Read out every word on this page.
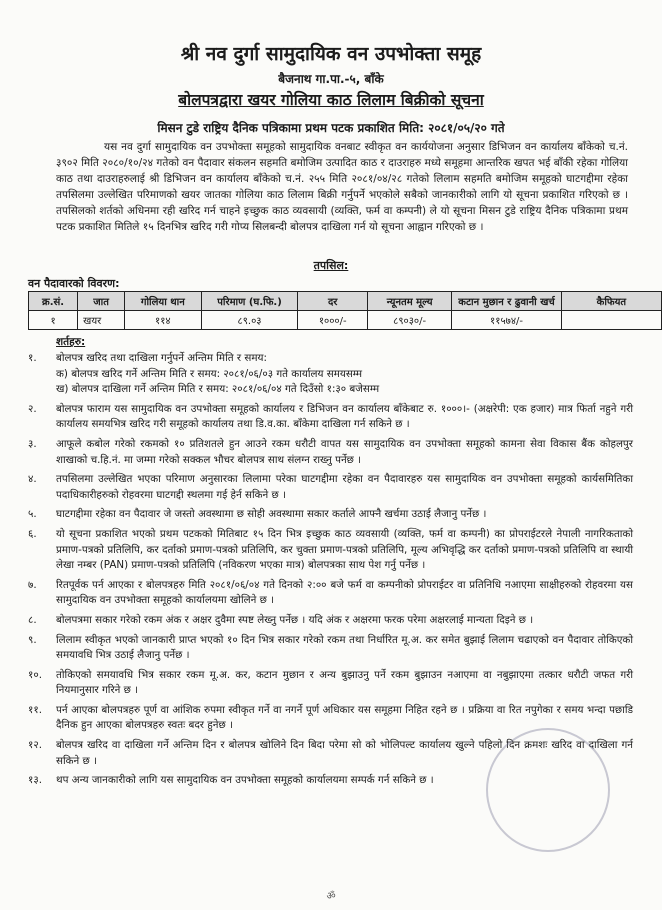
श्री नव दुर्गा सामुदायिक वन उपभोक्ता समूह
बैजनाथ गा.पा.-५, बाँके
बोलपत्रद्वारा खयर गोलिया काठ लिलाम बिक्रीको सूचना
मिसन टुडे राष्ट्रिय दैनिक पत्रिकामा प्रथम पटक प्रकाशित मिति: २०८१/०५/२० गते
यस नव दुर्गा सामुदायिक वन उपभोक्ता समूहको सामुदायिक वनबाट स्वीकृत वन कार्ययोजना अनुसार डिभिजन वन कार्यालय बाँकेको च.नं. ३९०२ मिति २०८०/१०/२४ गतेको वन पैदावार संकलन सहमति बमोजिम उत्पादित काठ र दाउराहरु मध्ये समूहमा आन्तरिक खपत भई बाँकी रहेका गोलिया काठ तथा दाउराहरुलाई श्री डिभिजन वन कार्यालय बाँकेको च.नं. २५५ मिति २०८१/०४/२८ गतेको लिलाम सहमति बमोजिम समूहको घाटगद्दीमा रहेका तपसिलमा उल्लेखित परिमाणको खयर जातका गोलिया काठ लिलाम बिक्री गर्नुपर्ने भएकोले सबैको जानकारीको लागि यो सूचना प्रकाशित गरिएको छ । तपसिलको शर्तको अधिनमा रही खरिद गर्न चाहने इच्छुक काठ व्यवसायी (व्यक्ति, फर्म वा कम्पनी) ले यो सूचना मिसन टुडे राष्ट्रिय दैनिक पत्रिकामा प्रथम पटक प्रकाशित मितिले १५ दिनभित्र खरिद गरी गोप्य सिलबन्दी बोलपत्र दाखिला गर्न यो सूचना आह्वान गरिएको छ ।
तपसिल:
वन पैदावारको विवरण:
क्र.सं.	जात	गोलिया थान	परिमाण (घ.फि.)	दर	न्यूनतम मूल्य	कटान मुछान र ढुवानी खर्च	कैफियत
१	खयर	११४	८९.०३	१०००/-	८९०३०/-	११५७४/-	
शर्तहरु:
१.	बोलपत्र खरिद तथा दाखिला गर्नुपर्ने अन्तिम मिति र समय:
क) बोलपत्र खरिद गर्ने अन्तिम मिति र समय: २०८१/०६/०३ गते कार्यालय समयसम्म
ख) बोलपत्र दाखिला गर्ने अन्तिम मिति र समय: २०८१/०६/०४ गते दिउँसो १:३० बजेसम्म
२.	बोलपत्र फाराम यस सामुदायिक वन उपभोक्ता समूहको कार्यालय र डिभिजन वन कार्यालय बाँकेबाट रु. १०००।- (अक्षरेपी: एक हजार) मात्र फिर्ता नहुने गरी कार्यालय समयभित्र खरिद गरी समूहको कार्यालय तथा डि.व.का. बाँकेमा दाखिला गर्न सकिने छ ।
३.	आफूले कबोल गरेको रकमको १० प्रतिशतले हुन आउने रकम धरौटी वापत यस सामुदायिक वन उपभोक्ता समूहको कामना सेवा विकास बैंक कोहलपुर शाखाको च.हि.नं. मा जम्मा गरेको सक्कल भौचर बोलपत्र साथ संलग्न राख्नु पर्नेछ ।
४.	तपसिलमा उल्लेखित भएका परिमाण अनुसारका लिलामा परेका घाटगद्दीमा रहेका वन पैदावारहरु यस सामुदायिक वन उपभोक्ता समूहको कार्यसमितिका पदाधिकारीहरुको रोहवरमा घाटगद्दी स्थलमा गई हेर्न सकिने छ ।
५.	घाटगद्दीमा रहेका वन पैदावार जे जस्तो अवस्थामा छ सोही अवस्थामा सकार कर्ताले आफ्नै खर्चमा उठाई लैजानु पर्नेछ ।
६.	यो सूचना प्रकाशित भएको प्रथम पटकको मितिबाट १५ दिन भित्र इच्छुक काठ व्यवसायी (व्यक्ति, फर्म वा कम्पनी) का प्रोपराईटरले नेपाली नागरिकताको प्रमाण-पत्रको प्रतिलिपि, कर दर्ताको प्रमाण-पत्रको प्रतिलिपि, कर चुक्ता प्रमाण-पत्रको प्रतिलिपि, मूल्य अभिवृद्धि कर दर्ताको प्रमाण-पत्रको प्रतिलिपि वा स्थायी लेखा नम्बर (PAN) प्रमाण-पत्रको प्रतिलिपि (नविकरण भएका मात्र) बोलपत्रका साथ पेश गर्नु पर्नेछ ।
७.	रितपूर्वक पर्न आएका र बोलपत्रहरु मिति २०८१/०६/०४ गते दिनको २:०० बजे फर्म वा कम्पनीको प्रोपराईटर वा प्रतिनिधि नआएमा साक्षीहरुको रोहवरमा यस सामुदायिक वन उपभोक्ता समूहको कार्यालयमा खोलिने छ ।
८.	बोलपत्रमा सकार गरेको रकम अंक र अक्षर दुवैमा स्पष्ट लेख्नु पर्नेछ । यदि अंक र अक्षरमा फरक परेमा अक्षरलाई मान्यता दिइने छ ।
९.	लिलाम स्वीकृत भएको जानकारी प्राप्त भएको १० दिन भित्र सकार गरेको रकम तथा निर्धारित मू.अ. कर समेत बुझाई लिलाम चढाएको वन पैदावार तोकिएको समयावधि भित्र उठाई लैजानु पर्नेछ ।
१०.	तोकिएको समयावधि भित्र सकार रकम मू.अ. कर, कटान मुछान र अन्य बुझाउनु पर्ने रकम बुझाउन नआएमा वा नबुझाएमा तत्कार धरौटी जफत गरी नियमानुसार गरिने छ ।
११.	पर्न आएका बोलपत्रहरु पूर्ण वा आंशिक रुपमा स्वीकृत गर्ने वा नगर्ने पूर्ण अधिकार यस समूहमा निहित रहने छ । प्रक्रिया वा रित नपुगेका र समय भन्दा पछाडि दैनिक हुन आएका बोलपत्रहरु स्वतः बदर हुनेछ ।
१२.	बोलपत्र खरिद वा दाखिला गर्ने अन्तिम दिन र बोलपत्र खोलिने दिन बिदा परेमा सो को भोलिपल्ट कार्यालय खुल्ने पहिलो दिन क्रमशः खरिद वा दाखिला गर्न सकिने छ ।
१३.	थप अन्य जानकारीको लागि यस सामुदायिक वन उपभोक्ता समूहको कार्यालयमा सम्पर्क गर्न सकिने छ ।
ॐ
